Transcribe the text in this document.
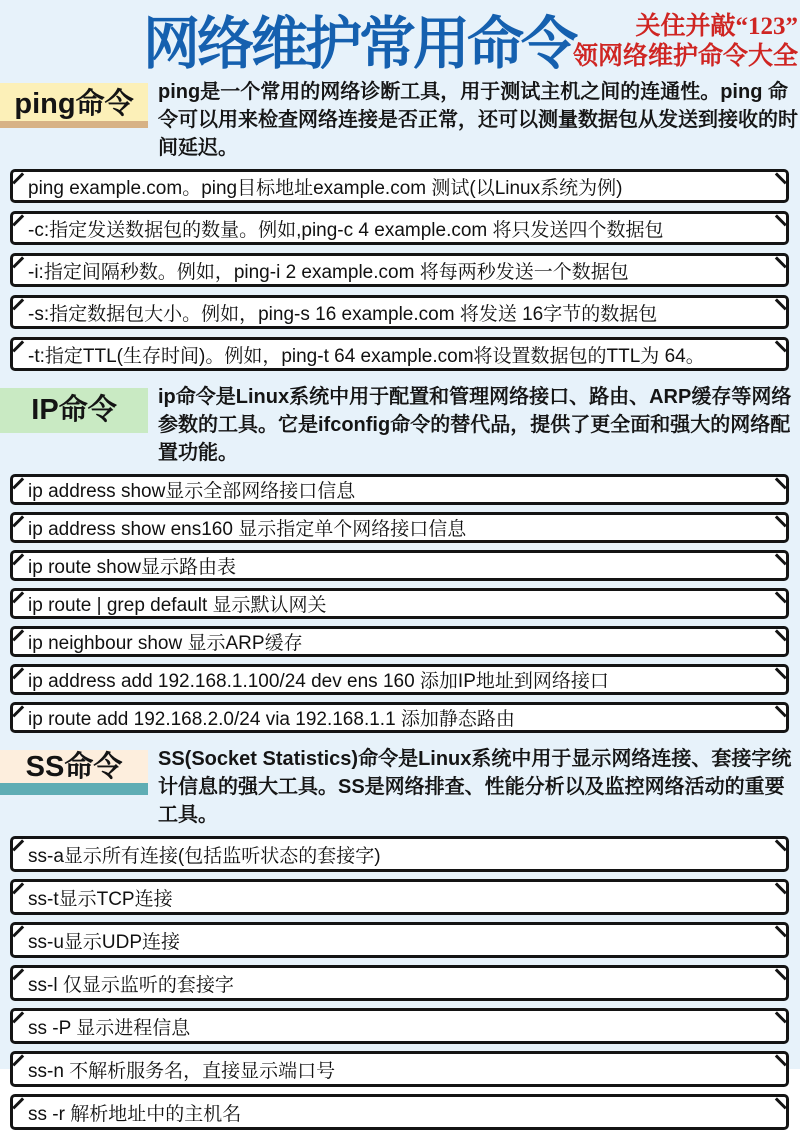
网络维护常用命令	关住并敲“123”
领网络维护命令大全
ping命令	ping是一个常用的网络诊断工具，用于测试主机之间的连通性。ping 命令可以用来检查网络连接是否正常，还可以测量数据包从发送到接收的时间延迟。
ping example.com。ping目标地址example.com 测试(以Linux系统为例)
-c:指定发送数据包的数量。例如,ping-c 4 example.com 将只发送四个数据包
-i:指定间隔秒数。例如，ping-i 2 example.com 将每两秒发送一个数据包
-s:指定数据包大小。例如，ping-s 16 example.com 将发送 16字节的数据包
-t:指定TTL(生存时间)。例如，ping-t 64 example.com将设置数据包的TTL为 64。
IP命令	ip命令是Linux系统中用于配置和管理网络接口、路由、ARP缓存等网络参数的工具。它是ifconfig命令的替代品，提供了更全面和强大的网络配置功能。
ip address show显示全部网络接口信息
ip address show ens160 显示指定单个网络接口信息
ip route show显示路由表
ip route | grep default 显示默认网关
ip neighbour show 显示ARP缓存
ip address add 192.168.1.100/24 dev ens 160 添加IP地址到网络接口
ip route add 192.168.2.0/24 via 192.168.1.1 添加静态路由
SS命令	SS(Socket Statistics)命令是Linux系统中用于显示网络连接、套接字统计信息的强大工具。SS是网络排查、性能分析以及监控网络活动的重要工具。
ss-a显示所有连接(包括监听状态的套接字)
ss-t显示TCP连接
ss-u显示UDP连接
ss-l 仅显示监听的套接字
ss -P 显示进程信息
ss-n 不解析服务名，直接显示端口号
ss -r 解析地址中的主机名
